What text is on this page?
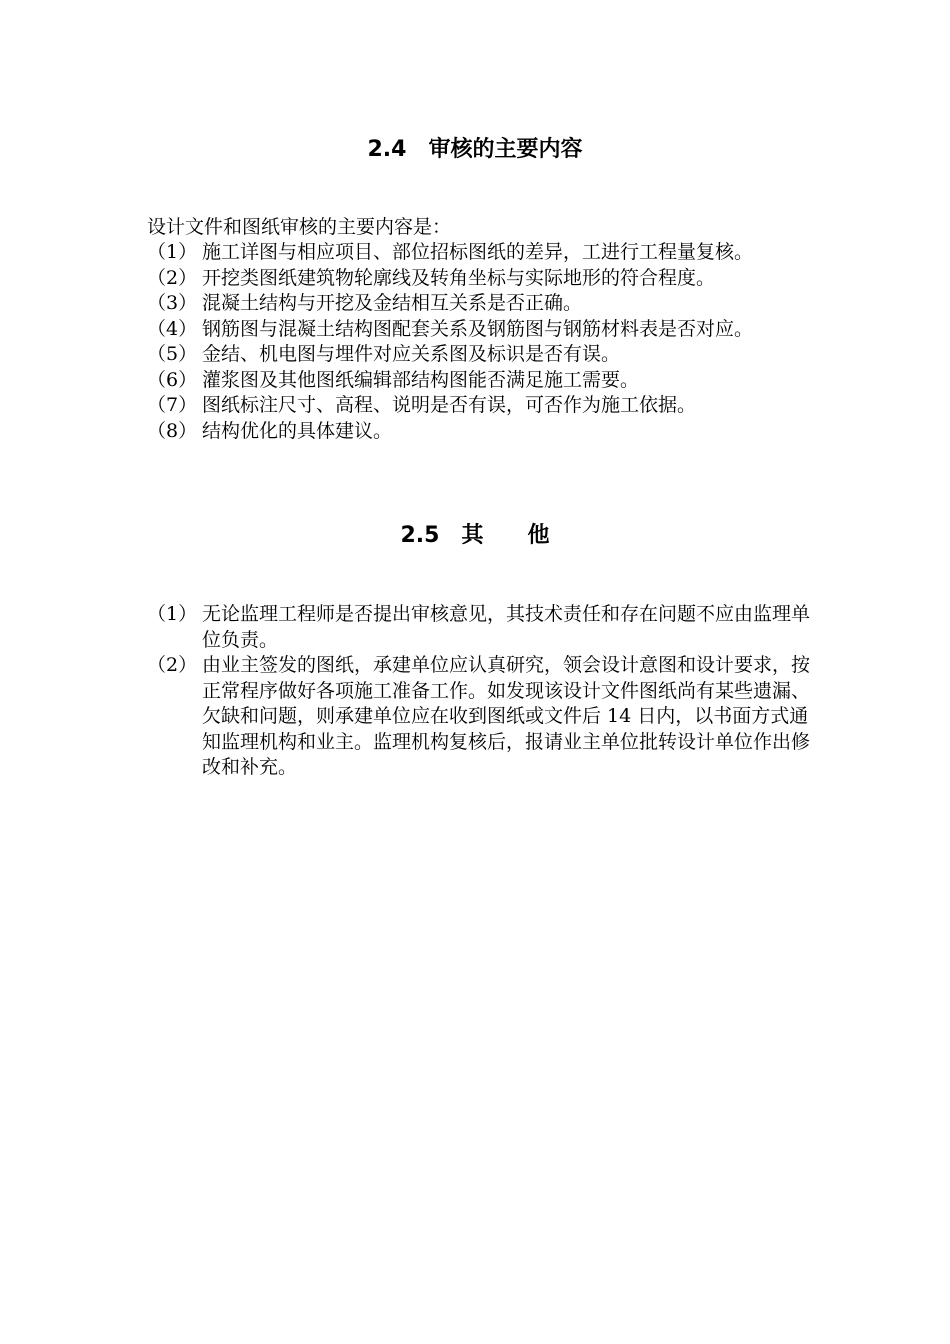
2.4 审核的主要内容
设计文件和图纸审核的主要内容是：
（1） 施工详图与相应项目、部位招标图纸的差异，工进行工程量复核。
（2） 开挖类图纸建筑物轮廓线及转角坐标与实际地形的符合程度。
（3） 混凝土结构与开挖及金结相互关系是否正确。
（4） 钢筋图与混凝土结构图配套关系及钢筋图与钢筋材料表是否对应。
（5） 金结、机电图与埋件对应关系图及标识是否有误。
（6） 灌浆图及其他图纸编辑部结构图能否满足施工需要。
（7） 图纸标注尺寸、高程、说明是否有误，可否作为施工依据。
（8） 结构优化的具体建议。
2.5 其　　他
（1） 无论监理工程师是否提出审核意见，其技术责任和存在问题不应由监理单位负责。
（2） 由业主签发的图纸，承建单位应认真研究，领会设计意图和设计要求，按正常程序做好各项施工准备工作。如发现该设计文件图纸尚有某些遗漏、欠缺和问题，则承建单位应在收到图纸或文件后 14 日内，以书面方式通知监理机构和业主。监理机构复核后，报请业主单位批转设计单位作出修改和补充。
